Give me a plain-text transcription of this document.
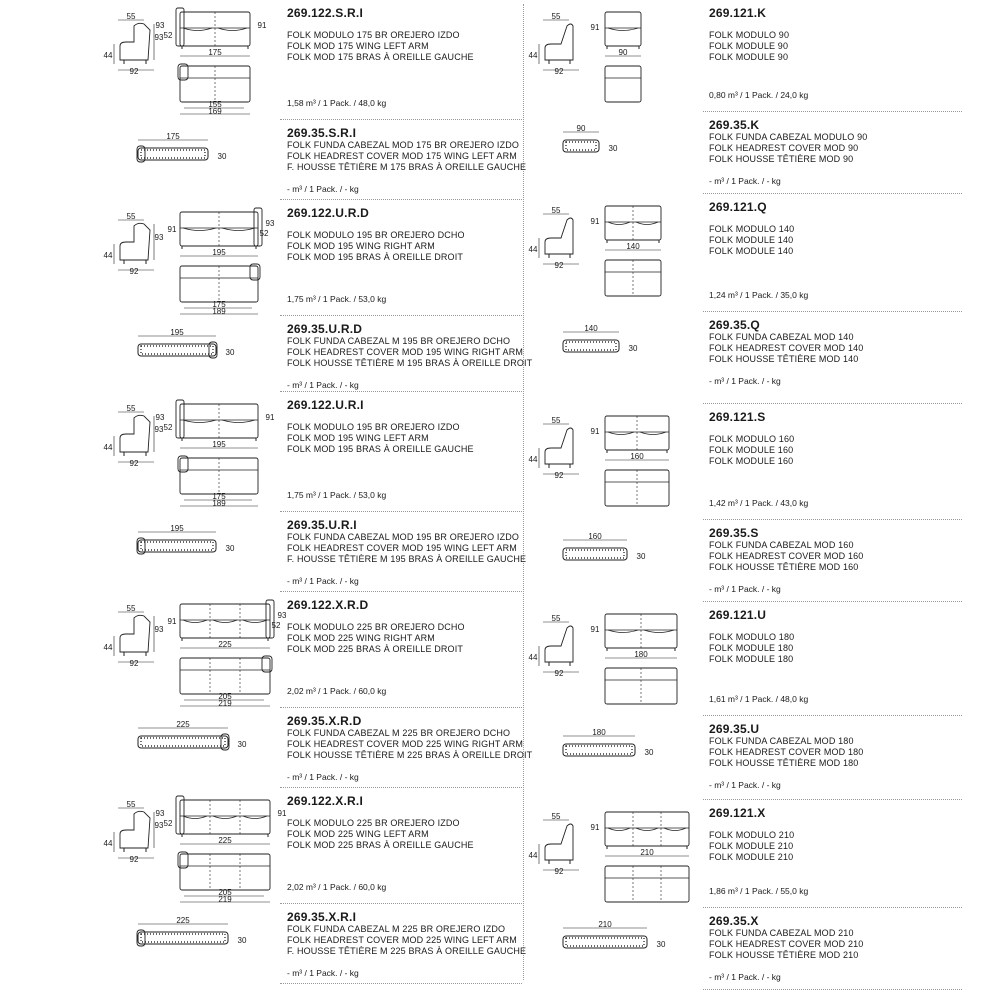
55
93
44
92
93
52
91
175
155
169
269.122.S.R.I
FOLK MODULO 175 BR OREJERO IZDO
FOLK MOD 175 WING LEFT ARM
FOLK MOD 175 BRAS À OREILLE GAUCHE
1,58 m³ / 1 Pack. / 48,0 kg
175
30
269.35.S.R.I
FOLK FUNDA CABEZAL MOD 175 BR OREJERO IZDO
FOLK HEADREST COVER MOD 175 WING LEFT ARM
F. HOUSSE TÊTIÈRE M 175 BRAS À OREILLE GAUCHE
- m³ / 1 Pack. / - kg
55
93
44
92
91
93
52
195
175
189
269.122.U.R.D
FOLK MODULO 195 BR OREJERO DCHO
FOLK MOD 195 WING RIGHT ARM
FOLK MOD 195 BRAS À OREILLE DROIT
1,75 m³ / 1 Pack. / 53,0 kg
195
30
269.35.U.R.D
FOLK FUNDA CABEZAL M 195 BR OREJERO DCHO
FOLK HEADREST COVER MOD 195 WING RIGHT ARM
FOLK HOUSSE TÊTIÈRE M 195 BRAS À OREILLE DROIT
- m³ / 1 Pack. / - kg
55
93
44
92
93
52
91
195
175
189
269.122.U.R.I
FOLK MODULO 195 BR OREJERO IZDO
FOLK MOD 195 WING LEFT ARM
FOLK MOD 195 BRAS À OREILLE GAUCHE
1,75 m³ / 1 Pack. / 53,0 kg
195
30
269.35.U.R.I
FOLK FUNDA CABEZAL MOD 195 BR OREJERO IZDO
FOLK HEADREST COVER MOD 195 WING LEFT ARM
F. HOUSSE TÊTIÈRE M 195 BRAS À OREILLE GAUCHE
- m³ / 1 Pack. / - kg
55
93
44
92
91
93
52
225
205
219
269.122.X.R.D
FOLK MODULO 225 BR OREJERO DCHO
FOLK MOD 225 WING RIGHT ARM
FOLK MOD 225 BRAS À OREILLE DROIT
2,02 m³ / 1 Pack. / 60,0 kg
225
30
269.35.X.R.D
FOLK FUNDA CABEZAL M 225 BR OREJERO DCHO
FOLK HEADREST COVER MOD 225 WING RIGHT ARM
FOLK HOUSSE TÊTIÈRE M 225 BRAS À OREILLE DROIT
- m³ / 1 Pack. / - kg
55
93
44
92
93
52
91
225
205
219
269.122.X.R.I
FOLK MODULO 225 BR OREJERO IZDO
FOLK MOD 225 WING LEFT ARM
FOLK MOD 225 BRAS À OREILLE GAUCHE
2,02 m³ / 1 Pack. / 60,0 kg
225
30
269.35.X.R.I
FOLK FUNDA CABEZAL M 225 BR OREJERO IZDO
FOLK HEADREST COVER MOD 225 WING LEFT ARM
F. HOUSSE TÊTIÈRE M 225 BRAS À OREILLE GAUCHE
- m³ / 1 Pack. / - kg
55
44
92
91
90
269.121.K
FOLK MODULO 90
FOLK MODULE 90
FOLK MODULE 90
0,80 m³ / 1 Pack. / 24,0 kg
90
30
269.35.K
FOLK FUNDA CABEZAL MODULO 90
FOLK HEADREST COVER MOD 90
FOLK HOUSSE TÊTIÈRE MOD 90
- m³ / 1 Pack. / - kg
55
44
92
91
140
269.121.Q
FOLK MODULO 140
FOLK MODULE 140
FOLK MODULE 140
1,24 m³ / 1 Pack. / 35,0 kg
140
30
269.35.Q
FOLK FUNDA CABEZAL MOD 140
FOLK HEADREST COVER MOD 140
FOLK HOUSSE TÊTIÈRE MOD 140
- m³ / 1 Pack. / - kg
55
44
92
91
160
269.121.S
FOLK MODULO 160
FOLK MODULE 160
FOLK MODULE 160
1,42 m³ / 1 Pack. / 43,0 kg
160
30
269.35.S
FOLK FUNDA CABEZAL MOD 160
FOLK HEADREST COVER MOD 160
FOLK HOUSSE TÊTIÈRE MOD 160
- m³ / 1 Pack. / - kg
55
44
92
91
180
269.121.U
FOLK MODULO 180
FOLK MODULE 180
FOLK MODULE 180
1,61 m³ / 1 Pack. / 48,0 kg
180
30
269.35.U
FOLK FUNDA CABEZAL MOD 180
FOLK HEADREST COVER MOD 180
FOLK HOUSSE TÊTIÈRE MOD 180
- m³ / 1 Pack. / - kg
55
44
92
91
210
269.121.X
FOLK MODULO 210
FOLK MODULE 210
FOLK MODULE 210
1,86 m³ / 1 Pack. / 55,0 kg
210
30
269.35.X
FOLK FUNDA CABEZAL MOD 210
FOLK HEADREST COVER MOD 210
FOLK HOUSSE TÊTIÈRE MOD 210
- m³ / 1 Pack. / - kg
